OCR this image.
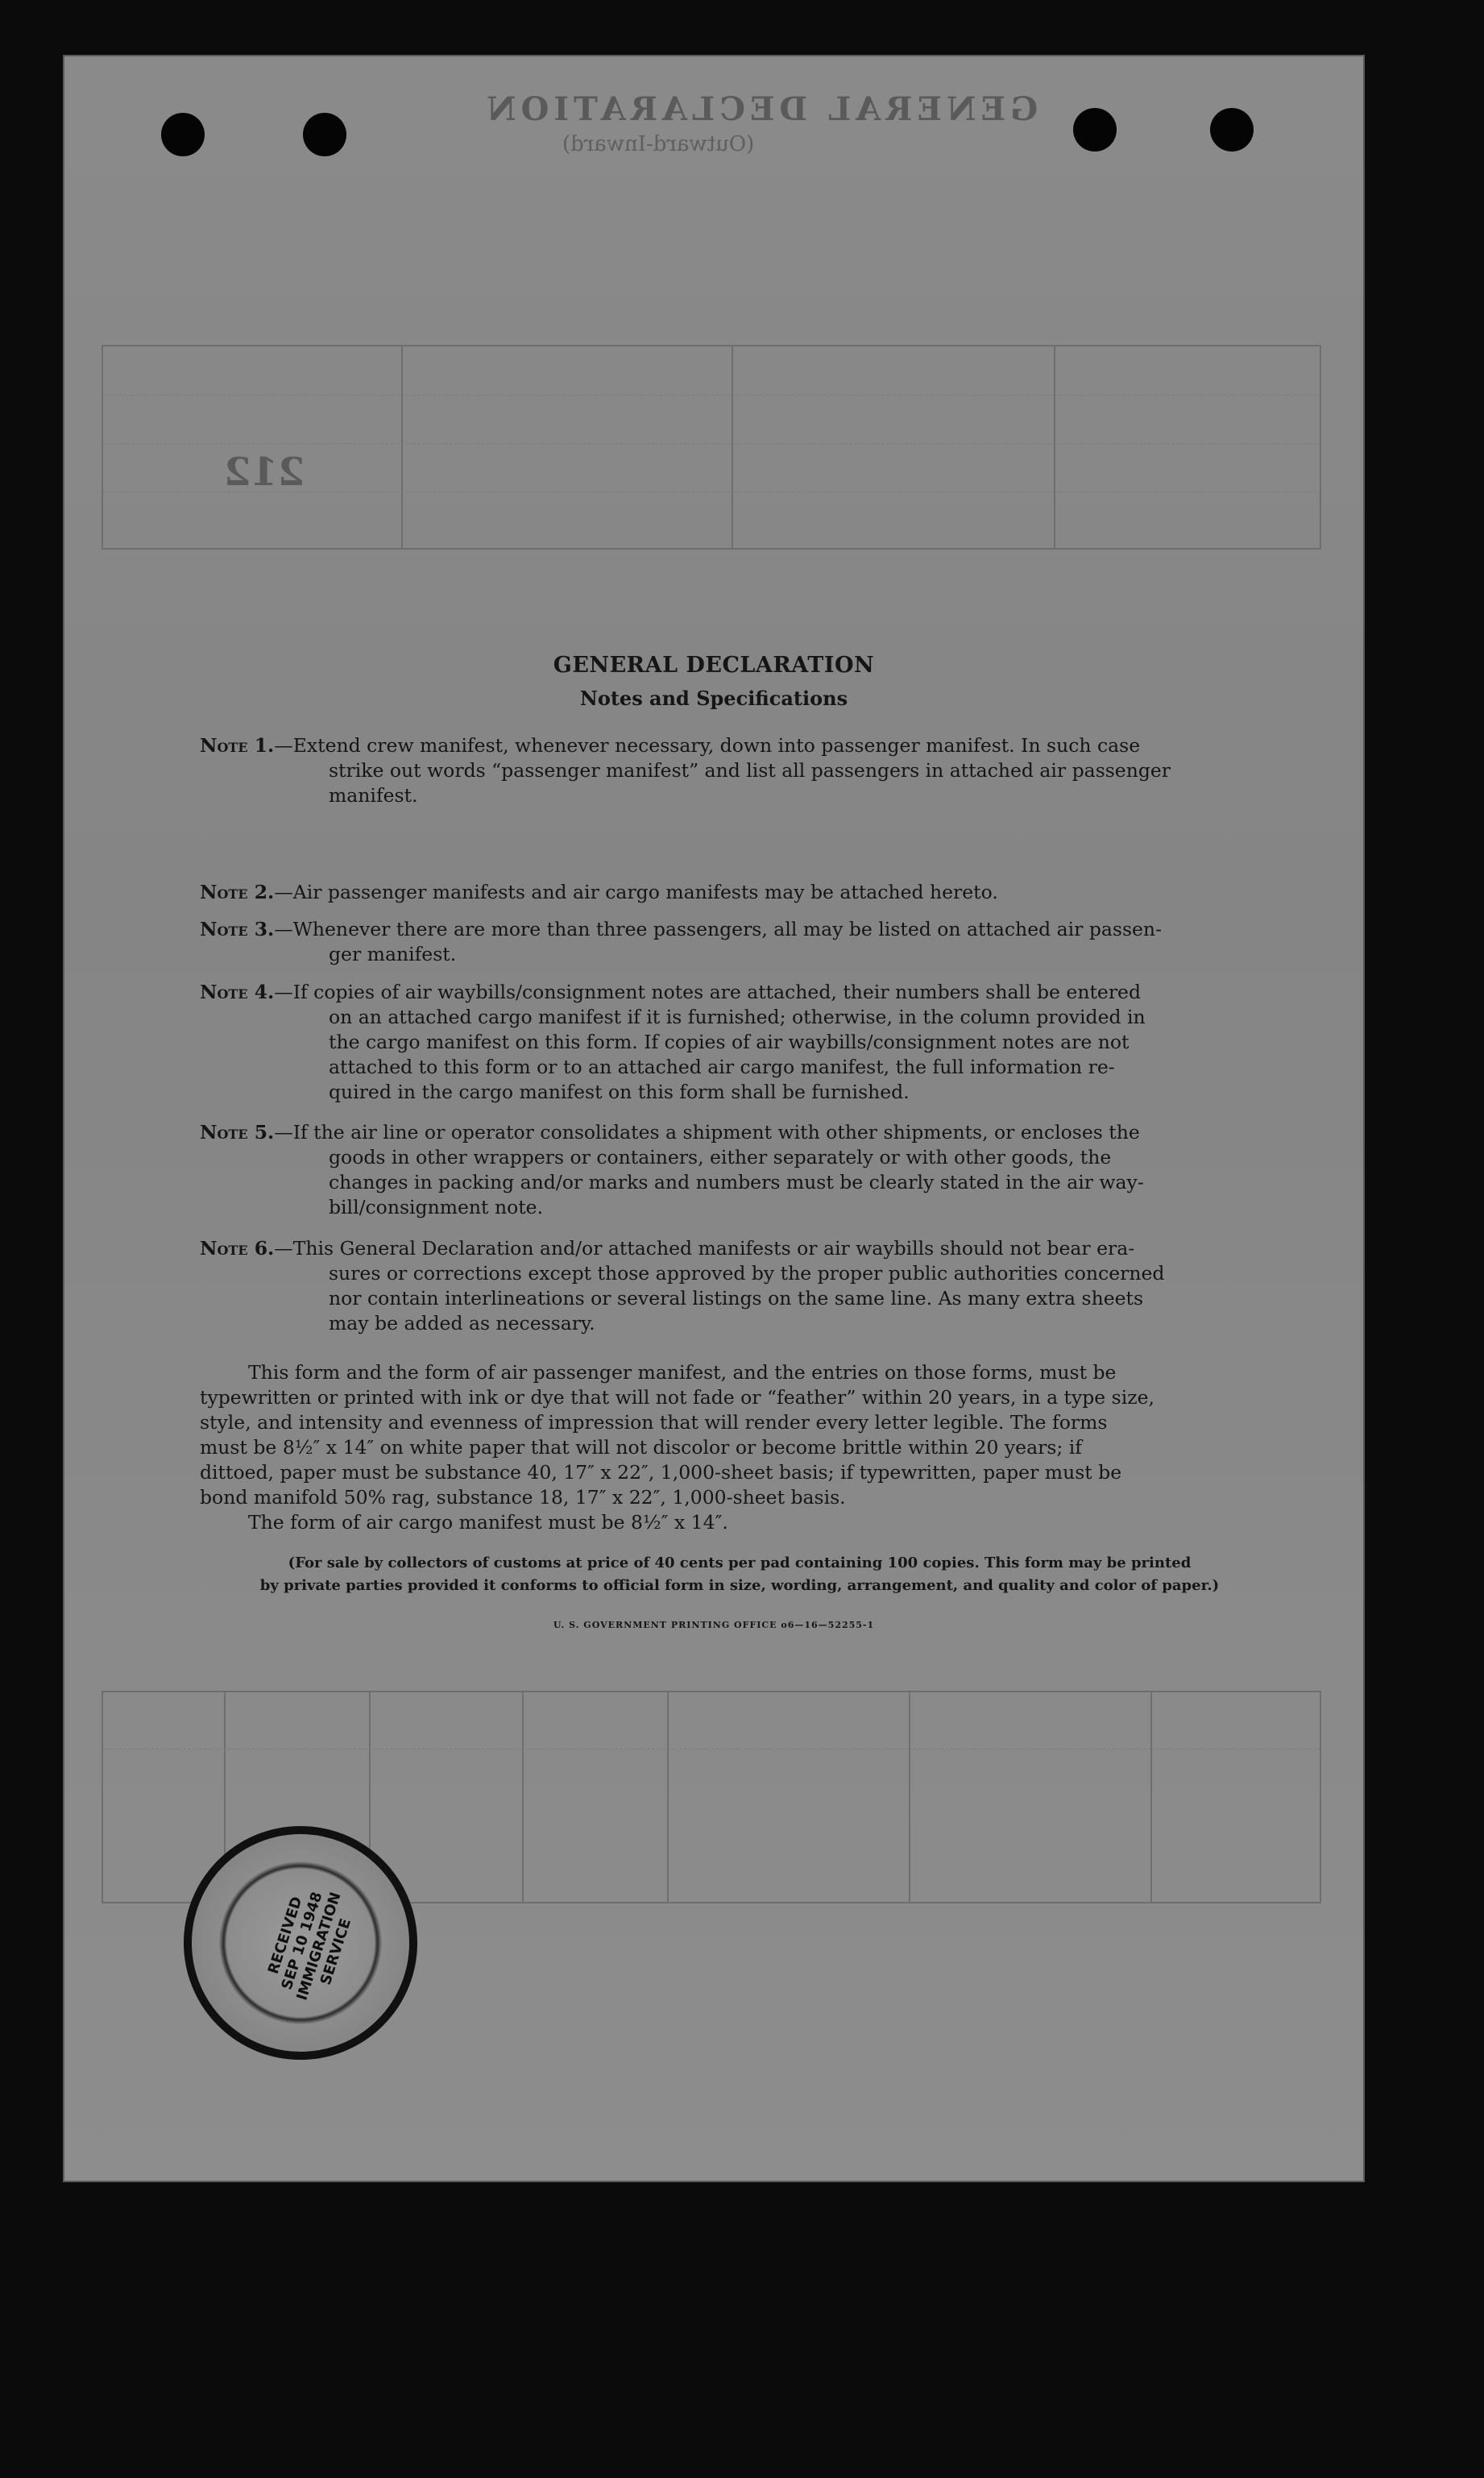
GENERAL DECLARATION
(Outward-Inward)
212
GENERAL DECLARATION
Notes and Specifications
Note 1.—Extend crew manifest, whenever necessary, down into passenger manifest. In such case
strike out words “passenger manifest” and list all passengers in attached air passenger
manifest.
Note 2.—Air passenger manifests and air cargo manifests may be attached hereto.
Note 3.—Whenever there are more than three passengers, all may be listed on attached air passen-
ger manifest.
Note 4.—If copies of air waybills/consignment notes are attached, their numbers shall be entered
on an attached cargo manifest if it is furnished; otherwise, in the column provided in
the cargo manifest on this form. If copies of air waybills/consignment notes are not
attached to this form or to an attached air cargo manifest, the full information re-
quired in the cargo manifest on this form shall be furnished.
Note 5.—If the air line or operator consolidates a shipment with other shipments, or encloses the
goods in other wrappers or containers, either separately or with other goods, the
changes in packing and/or marks and numbers must be clearly stated in the air way-
bill/consignment note.
Note 6.—This General Declaration and/or attached manifests or air waybills should not bear era-
sures or corrections except those approved by the proper public authorities concerned
nor contain interlineations or several listings on the same line. As many extra sheets
may be added as necessary.
This form and the form of air passenger manifest, and the entries on those forms, must be
typewritten or printed with ink or dye that will not fade or “feather” within 20 years, in a type size,
style, and intensity and evenness of impression that will render every letter legible. The forms
must be 8½″ x 14″ on white paper that will not discolor or become brittle within 20 years; if
dittoed, paper must be substance 40, 17″ x 22″, 1,000-sheet basis; if typewritten, paper must be
bond manifold 50% rag, substance 18, 17″ x 22″, 1,000-sheet basis.
The form of air cargo manifest must be 8½″ x 14″.
(For sale by collectors of customs at price of 40 cents per pad containing 100 copies. This form may be printed
by private parties provided it conforms to official form in size, wording, arrangement, and quality and color of paper.)
U. S. GOVERNMENT PRINTING OFFICE o6—16—52255-1
RECEIVED SEP 10 1948 IMMIGRATION SERVICE
